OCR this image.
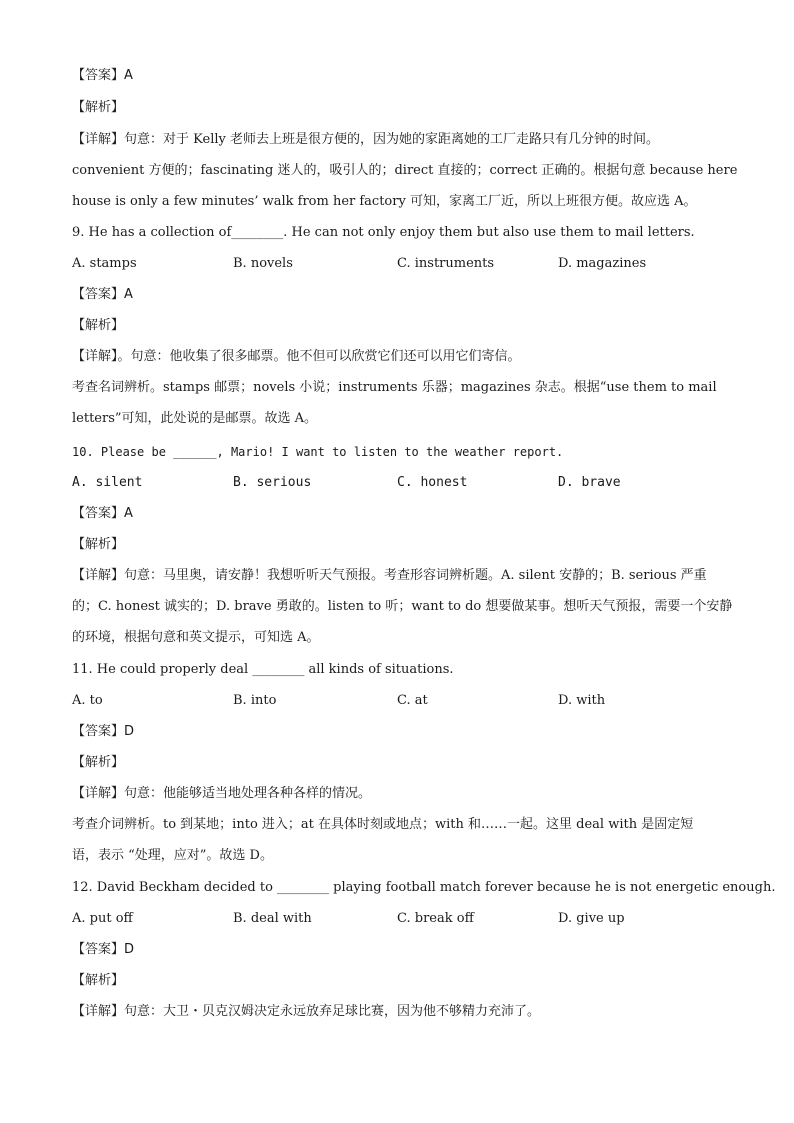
【答案】A
【解析】
【详解】句意：对于 Kelly 老师去上班是很方便的，因为她的家距离她的工厂走路只有几分钟的时间。
convenient 方便的；fascinating 迷人的，吸引人的；direct 直接的；correct 正确的。根据句意 because here
house is only a few minutes’ walk from her factory 可知，家离工厂近，所以上班很方便。故应选 A。
9. He has a collection of________. He can not only enjoy them but also use them to mail letters.
A. stamps	B. novels	C. instruments	D. magazines
【答案】A
【解析】
【详解】。句意：他收集了很多邮票。他不但可以欣赏它们还可以用它们寄信。
考查名词辨析。stamps 邮票；novels 小说；instruments 乐器；magazines 杂志。根据“use them to mail
letters”可知，此处说的是邮票。故选 A。
10. Please be ______, Mario! I want to listen to the weather report.
A. silent	B. serious	C. honest	D. brave
【答案】A
【解析】
【详解】句意：马里奥，请安静！我想听听天气预报。考查形容词辨析题。A. silent 安静的；B. serious 严重
的；C. honest 诚实的；D. brave 勇敢的。listen to 听；want to do 想要做某事。想听天气预报，需要一个安静
的环境，根据句意和英文提示，可知选 A。
11. He could properly deal ________ all kinds of situations.
A. to	B. into	C. at	D. with
【答案】D
【解析】
【详解】句意：他能够适当地处理各种各样的情况。
考查介词辨析。to 到某地；into 进入；at 在具体时刻或地点；with 和……一起。这里 deal with 是固定短
语，表示 “处理，应对”。故选 D。
12. David Beckham decided to ________ playing football match forever because he is not energetic enough.
A. put off	B. deal with	C. break off	D. give up
【答案】D
【解析】
【详解】句意：大卫・贝克汉姆决定永远放弃足球比赛，因为他不够精力充沛了。
